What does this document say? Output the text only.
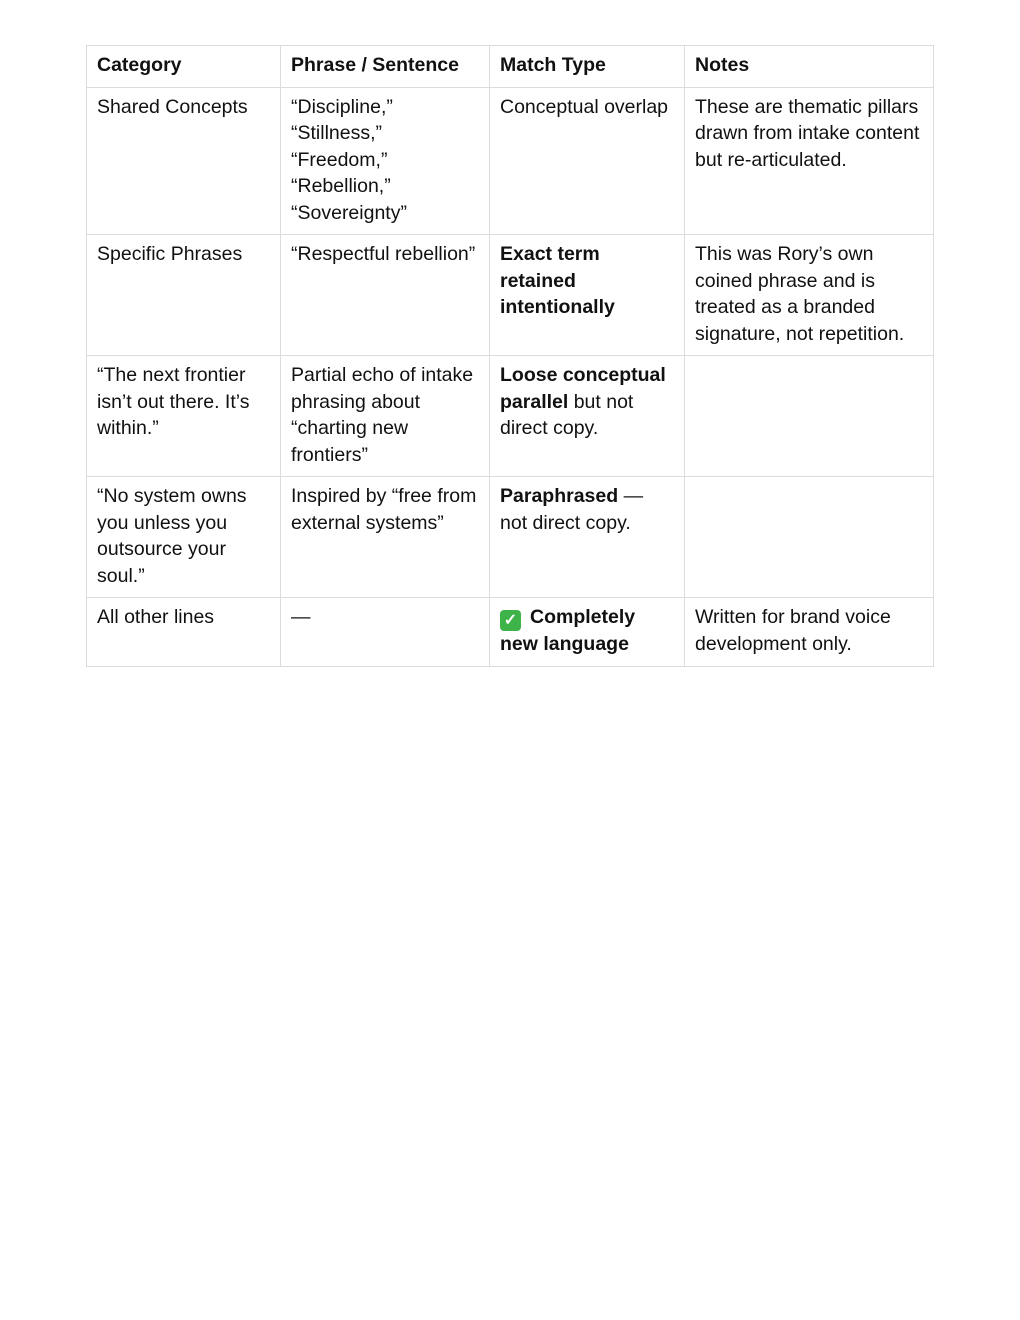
Category	Phrase / Sentence	Match Type	Notes
Shared Concepts	“Discipline,”
“Stillness,”
“Freedom,”
“Rebellion,”
“Sovereignty”	Conceptual overlap	These are thematic pillars drawn from intake content but re-articulated.
Specific Phrases	“Respectful rebellion”	Exact term retained intentionally	This was Rory’s own coined phrase and is treated as a branded signature, not repetition.
“The next frontier isn’t out there. It’s within.”	Partial echo of intake phrasing about “charting new frontiers”	Loose conceptual parallel but not direct copy.	
“No system owns you unless you outsource your soul.”	Inspired by “free from external systems”	Paraphrased — not direct copy.	
All other lines	—	✓ Completely new language	Written for brand voice development only.
